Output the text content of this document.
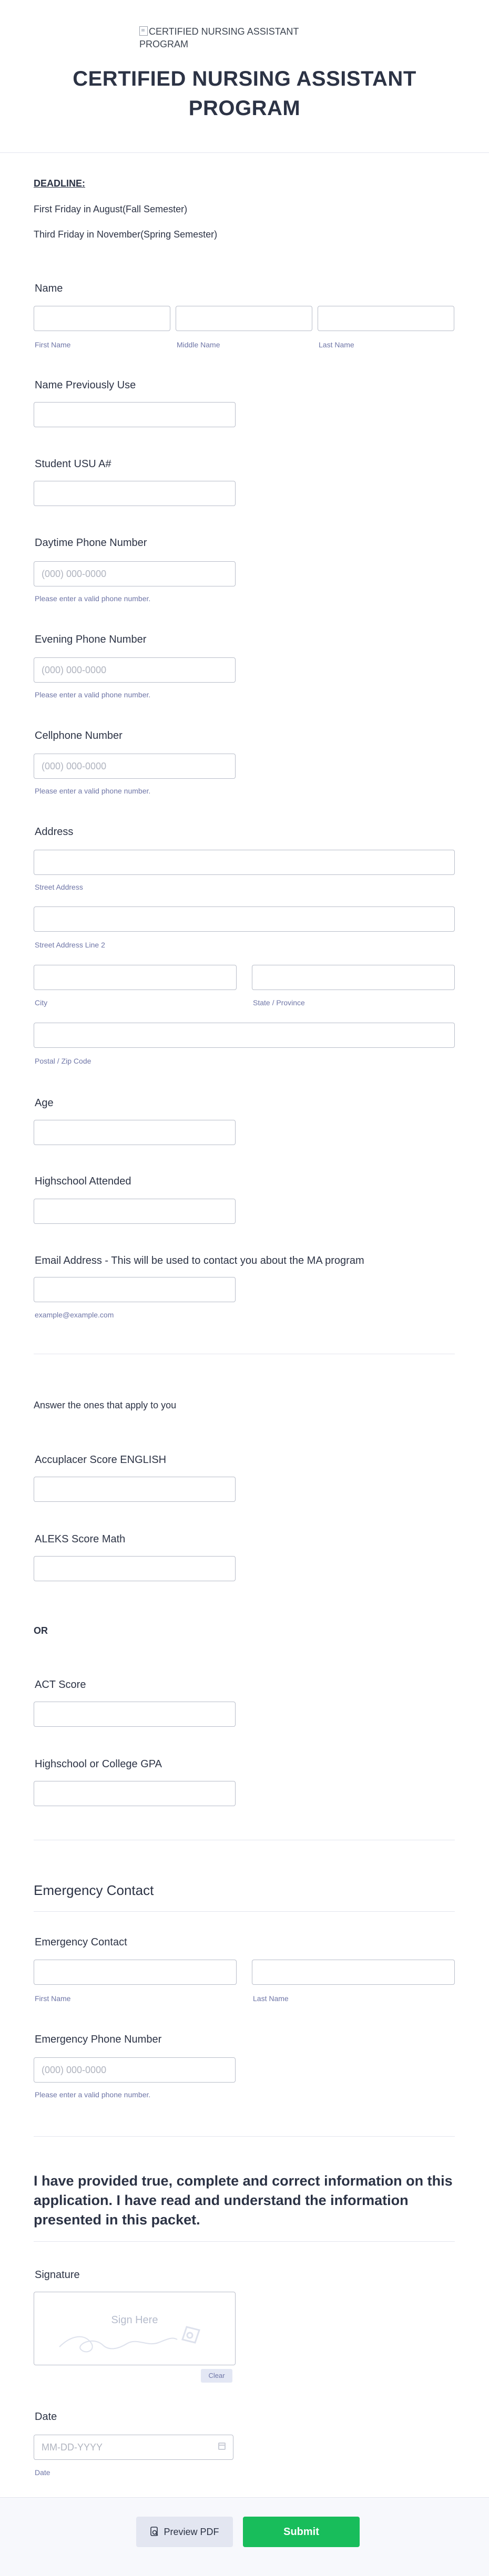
CERTIFIED NURSING ASSISTANT PROGRAM
CERTIFIED NURSING ASSISTANT
PROGRAM
DEADLINE:
First Friday in August(Fall Semester)
Third Friday in November(Spring Semester)
Name
First Name	Middle Name	Last Name
Name Previously Use
Student USU A#
Daytime Phone Number
(000) 000-0000
Please enter a valid phone number.
Evening Phone Number
(000) 000-0000
Please enter a valid phone number.
Cellphone Number
(000) 000-0000
Please enter a valid phone number.
Address
Street Address
Street Address Line 2
City	State / Province
Postal / Zip Code
Age
Highschool Attended
Email Address - This will be used to contact you about the MA program
example@example.com
Answer the ones that apply to you
Accuplacer Score ENGLISH
ALEKS Score Math
OR
ACT Score
Highschool or College GPA
Emergency Contact
Emergency Contact
First Name	Last Name
Emergency Phone Number
(000) 000-0000
Please enter a valid phone number.
I have provided true, complete and correct information on this application. I have read and understand the information presented in this packet.
Signature
Sign Here
Clear
Date
MM-DD-YYYY
Date
Preview PDF	Submit
